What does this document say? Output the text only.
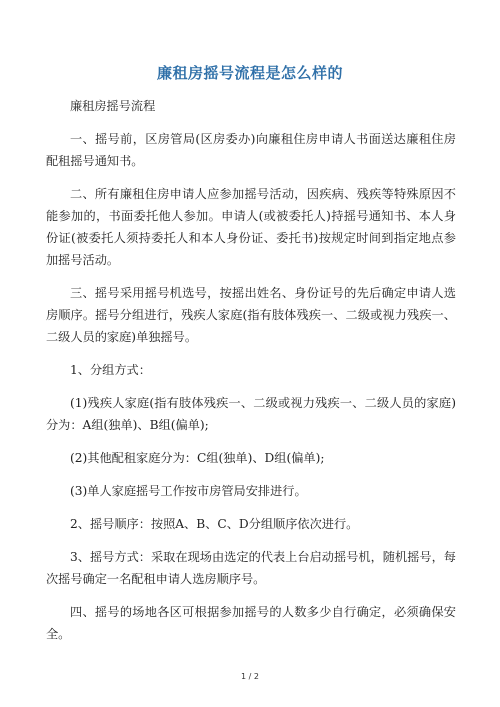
廉租房摇号流程是怎么样的

廉租房摇号流程

一、摇号前，区房管局(区房委办)向廉租住房申请人书面送达廉租住房配租摇号通知书。

二、所有廉租住房申请人应参加摇号活动，因疾病、残疾等特殊原因不能参加的，书面委托他人参加。申请人(或被委托人)持摇号通知书、本人身份证(被委托人须持委托人和本人身份证、委托书)按规定时间到指定地点参加摇号活动。

三、摇号采用摇号机选号，按摇出姓名、身份证号的先后确定申请人选房顺序。摇号分组进行，残疾人家庭(指有肢体残疾一、二级或视力残疾一、二级人员的家庭)单独摇号。

1、分组方式：

(1)残疾人家庭(指有肢体残疾一、二级或视力残疾一、二级人员的家庭)分为：A组(独单)、B组(偏单);

(2)其他配租家庭分为：C组(独单)、D组(偏单);

(3)单人家庭摇号工作按市房管局安排进行。

2、摇号顺序：按照A、B、C、D分组顺序依次进行。

3、摇号方式：采取在现场由选定的代表上台启动摇号机，随机摇号，每次摇号确定一名配租申请人选房顺序号。

四、摇号的场地各区可根据参加摇号的人数多少自行确定，必须确保安全。

1 / 2
